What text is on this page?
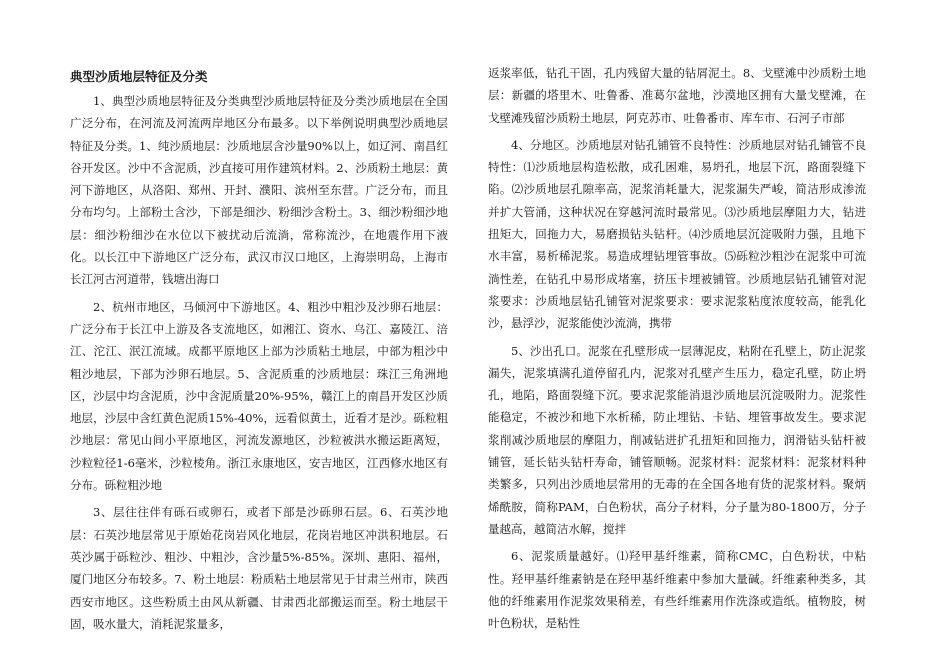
典型沙质地层特征及分类

1、典型沙质地层特征及分类典型沙质地层特征及分类沙质地层在全国广泛分布，在河流及河流两岸地区分布最多。以下举例说明典型沙质地层特征及分类。1、纯沙质地层：沙质地层含沙量90%以上，如辽河、南昌红谷开发区。沙中不含泥质，沙直接可用作建筑材料。2、沙质粉土地层：黄河下游地区，从洛阳、郑州、开封、濮阳、滨州至东营。广泛分布，而且分布均匀。上部粉土含沙，下部是细沙、粉细沙含粉土。3、细沙粉细沙地层：细沙粉细沙在水位以下被扰动后流淌，常称流沙，在地震作用下液化。以长江中下游地区广泛分布，武汉市汉口地区，上海崇明岛，上海市长江河古河道带，钱塘出海口

2、杭州市地区，马倾河中下游地区。4、粗沙中粗沙及沙卵石地层：广泛分布于长江中上游及各支流地区，如湘江、资水、乌江、嘉陵江、涪江、沱江、泯江流域。成都平原地区上部为沙质粘土地层，中部为粗沙中粗沙地层，下部为沙卵石地层。5、含泥质重的沙质地层：珠江三角洲地区，沙层中均含泥质，沙中含泥质量20%-95%，赣江上的南昌开发区沙质地层，沙层中含红黄色泥质15%-40%，远看似黄土，近看才是沙。砾粒粗沙地层：常见山间小平原地区，河流发源地区，沙粒被洪水搬运距离短，沙粒粒径1-6毫米，沙粒棱角。浙江永康地区，安吉地区，江西修水地区有分布。砾粒粗沙地

3、层往往伴有砾石或卵石，或者下部是沙砾卵石层。6、石英沙地层：石英沙地层常见于原始花岗岩风化地层，花岗岩地区冲洪积地层。石英沙属于砾粒沙、粗沙、中粗沙，含沙量5%-85%。深圳、惠阳、福州，厦门地区分布较多。7、粉土地层：粉质粘土地层常见于甘肃兰州市，陕西西安市地区。这些粉质土由风从新疆、甘肃西北部搬运而至。粉土地层干固，吸水量大，消耗泥浆量多，

返浆率低，钻孔干固，孔内残留大量的钻屑泥土。8、戈壁滩中沙质粉土地层：新疆的塔里木、吐鲁番、准葛尔盆地，沙漠地区拥有大量戈壁滩，在戈壁滩残留沙质粉土地层，阿克苏市、吐鲁番市、库车市、石河子市部

4、分地区。沙质地层对钻孔铺管不良特性：沙质地层对钻孔铺管不良特性：⑴沙质地层构造松散，成孔困难，易坍孔，地层下沉，路面裂缝下陷。⑵沙质地层孔隙率高，泥浆消耗量大，泥浆漏失严峻，简洁形成渗流并扩大管涌，这种状况在穿越河流时最常见。⑶沙质地层摩阻力大，钻进扭矩大，回拖力大，易磨损钻头钻杆。⑷沙质地层沉淀吸附力强，且地下水丰富，易析稀泥浆。易造成埋钻埋管事故。⑸砾粒沙粗沙在泥浆中可流淌性差，在钻孔中易形成堵塞，挤压卡埋被铺管。沙质地层钻孔铺管对泥浆要求：沙质地层钻孔铺管对泥浆要求：要求泥浆粘度浓度较高，能乳化沙，悬浮沙，泥浆能使沙流淌，携带

5、沙出孔口。泥浆在孔壁形成一层薄泥皮，粘附在孔壁上，防止泥浆漏失，泥浆填满孔道停留孔内，泥浆对孔壁产生压力，稳定孔壁，防止坍孔，地陷，路面裂缝下沉。要求泥浆能消退沙质地层沉淀吸附力。泥浆性能稳定，不被沙和地下水析稀，防止埋钻、卡钻、埋管事故发生。要求泥浆削减沙质地层的摩阻力，削减钻进扩孔扭矩和回拖力，润滑钻头钻杆被铺管，延长钻头钻杆寿命，铺管顺畅。泥浆材料：泥浆材料：泥浆材料种类繁多，只列出沙质地层常用的无毒的在全国各地有货的泥浆材料。聚炳烯酰胺，简称PAM，白色粉状，高分子材料，分子量为80-1800万，分子量越高，越简洁水解，搅拌

6、泥浆质量越好。⑴羟甲基纤维素，简称CMC，白色粉状，中粘性。羟甲基纤维素钠是在羟甲基纤维素中参加大量碱。纤维素种类多，其他的纤维素用作泥浆效果稍差，有些纤维素用作洗涤或造纸。植物胶，树叶色粉状，是粘性
